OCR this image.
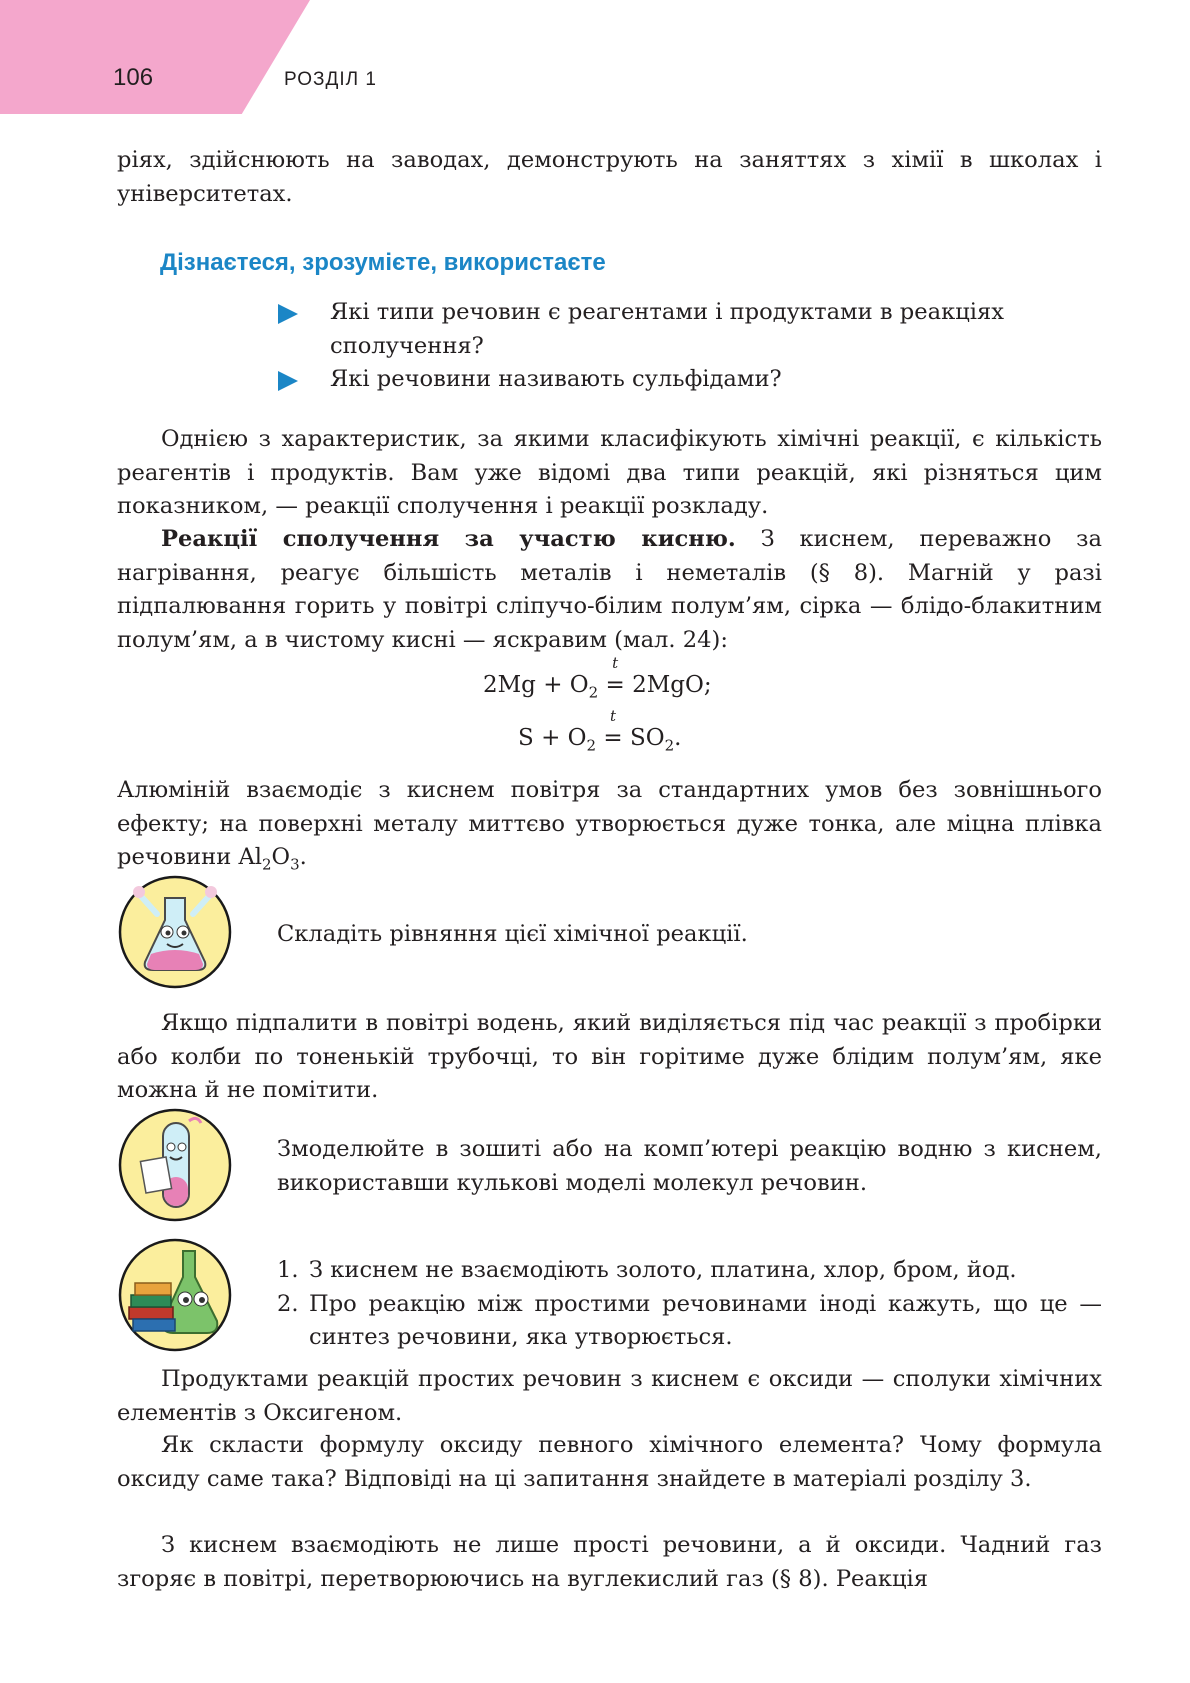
106	РОЗДІЛ 1

ріях, здійснюють на заводах, демонструють на заняттях з хімії в школах і університетах.

Дізнаєтеся, зрозумієте, використаєте
Які типи речовин є реагентами і продуктами в реакціях сполучення?
Які речовини називають сульфідами?

Однією з характеристик, за якими класифікують хімічні реакції, є кількість реагентів і продуктів. Вам уже відомі два типи реакцій, які різняться цим показником, — реакції сполучення і реакції розкладу.

Реакції сполучення за участю кисню. З киснем, переважно за нагрівання, реагує більшість металів і неметалів (§ 8). Магній у разі підпалювання горить у повітрі сліпучо-білим полум’ям, сірка — блідо-блакитним полум’ям, а в чистому кисні — яскравим (мал. 24):

$2Mg + O_2$
t
= 2MgO;
$S + O_2$
t
= $SO_2$.

Алюміній взаємодіє з киснем повітря за стандартних умов без зовнішнього ефекту; на поверхні металу миттєво утворюється дуже тонка, але міцна плівка речовини $Al_2O_3$.

Складіть рівняння цієї хімічної реакції.

Якщо підпалити в повітрі водень, який виділяється під час реакції з пробірки або колби по тоненькій трубочці, то він горітиме дуже блідим полум’ям, яке можна й не помітити.

Змоделюйте в зошиті або на комп’ютері реакцію водню з киснем, використавши кулькові моделі молекул речовин.

1. З киснем не взаємодіють золото, платина, хлор, бром, йод.
2. Про реакцію між простими речовинами іноді кажуть, що це — синтез речовини, яка утворюється.

Продуктами реакцій простих речовин з киснем є оксиди — сполуки хімічних елементів з Оксигеном.

Як скласти формулу оксиду певного хімічного елемента? Чому формула оксиду саме така? Відповіді на ці запитання знайдете в матеріалі розділу 3.

З киснем взаємодіють не лише прості речовини, а й оксиди. Чадний газ згоряє в повітрі, перетворюючись на вуглекислий газ (§ 8). Реакція
